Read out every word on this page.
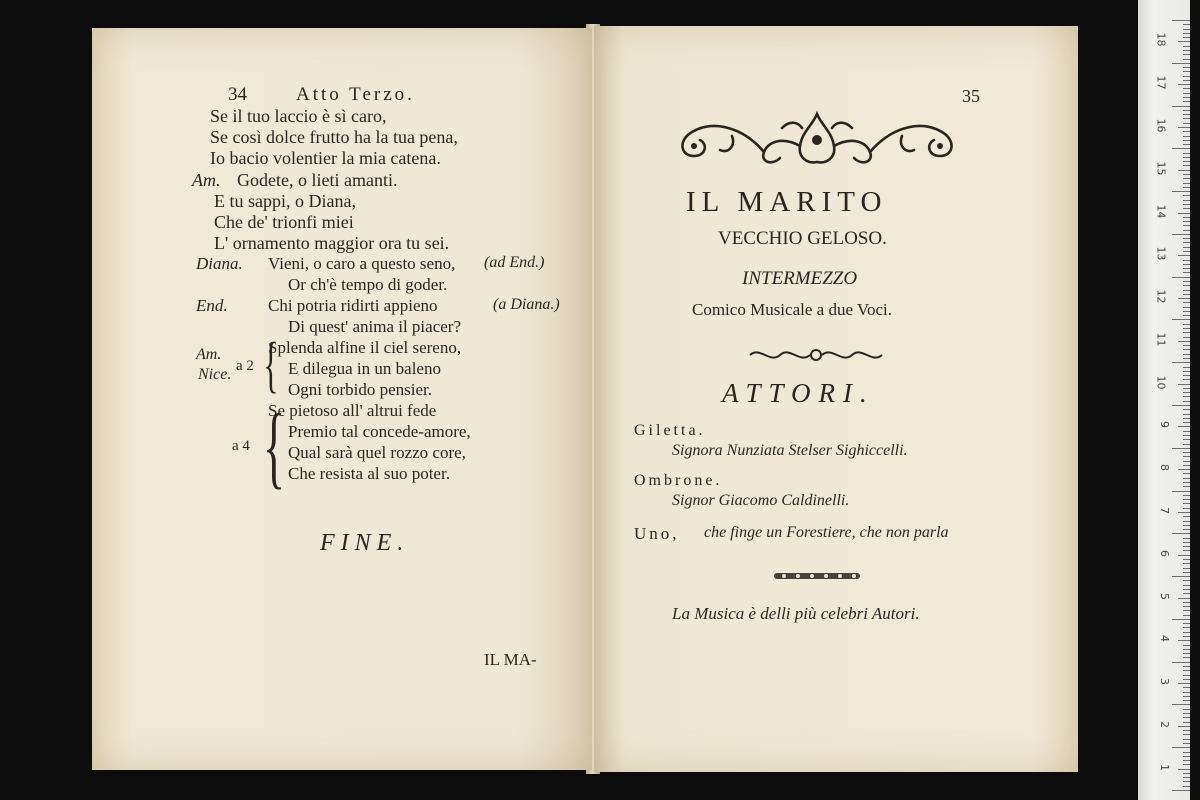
34	Atto Terzo.
Se il tuo laccio è sì caro,
Se così dolce frutto ha la tua pena,
Io bacio volentier la mia catena.
Am. Godete, o lieti amanti.
E tu sappi, o Diana,
Che de' trionfi miei
L' ornamento maggior ora tu sei.
Diana. Vieni, o caro a questo seno, (ad End.)
Or ch'è tempo di goder.
End. Chi potria ridirti appieno	(a Diana.)
Di quest' anima il piacer?
Am.
Nice. a 2 {
Splenda alfine il ciel sereno,
E dilegua in un baleno
Ogni torbido pensier.
a 4 {
Se pietoso all' altrui fede
Premio tal concede-amore,
Qual sarà quel rozzo core,
Che resista al suo poter.
FINE.
IL MA-
35
IL MARITO
VECCHIO GELOSO.
INTERMEZZO
Comico Musicale a due Voci.
ATTORI.
Giletta.
Signora Nunziata Stelser Sighiccelli.
Ombrone.
Signor Giacomo Caldinelli.
Uno, che finge un Forestiere, che non parla
La Musica è delli più celebri Autori.
18
17
16
15
14
13
12
11
10
9
8
7
6
5
4
3
2
1
